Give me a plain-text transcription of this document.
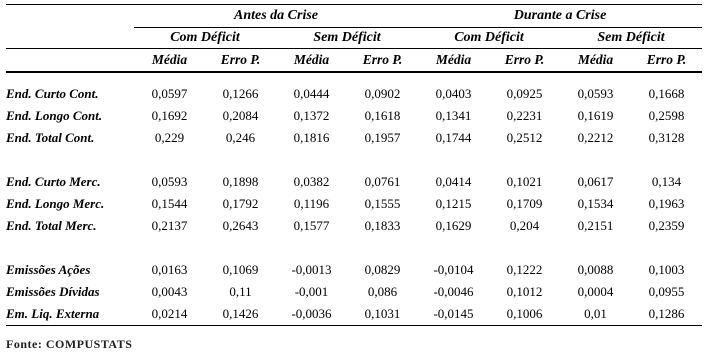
	Antes da Crise				Durante a Crise			
	Com Déficit		Sem Déficit		Com Déficit		Sem Déficit	
	Média	Erro P.	Média	Erro P.	Média	Erro P.	Média	Erro P.

End. Curto Cont.	0,0597	0,1266	0,0444	0,0902	0,0403	0,0925	0,0593	0,1668
End. Longo Cont.	0,1692	0,2084	0,1372	0,1618	0,1341	0,2231	0,1619	0,2598
End. Total Cont.	0,229	0,246	0,1816	0,1957	0,1744	0,2512	0,2212	0,3128

End. Curto Merc.	0,0593	0,1898	0,0382	0,0761	0,0414	0,1021	0,0617	0,134
End. Longo Merc.	0,1544	0,1792	0,1196	0,1555	0,1215	0,1709	0,1534	0,1963
End. Total Merc.	0,2137	0,2643	0,1577	0,1833	0,1629	0,204	0,2151	0,2359

Emissões Ações	0,0163	0,1069	-0,0013	0,0829	-0,0104	0,1222	0,0088	0,1003
Emissões Dívidas	0,0043	0,11	-0,001	0,086	-0,0046	0,1012	0,0004	0,0955
Em. Liq. Externa	0,0214	0,1426	-0,0036	0,1031	-0,0145	0,1006	0,01	0,1286
Fonte: COMPUSTATS
